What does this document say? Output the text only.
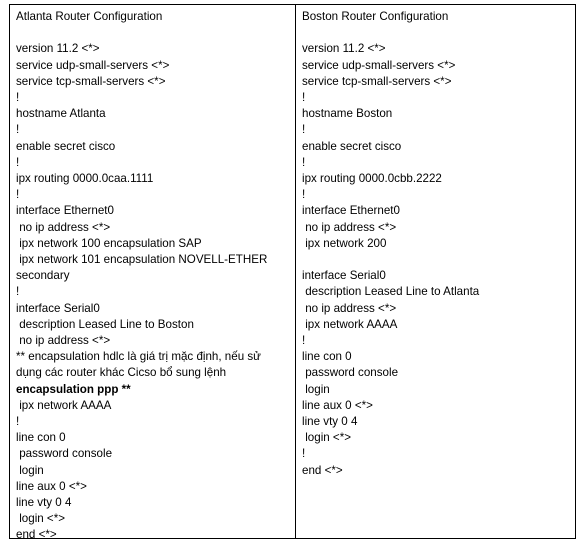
Atlanta Router Configuration
version 11.2 <*>
service udp-small-servers <*>
service tcp-small-servers <*>
!
hostname Atlanta
!
enable secret cisco
!
ipx routing 0000.0caa.1111
!
interface Ethernet0
no ip address <*>
ipx network 100 encapsulation SAP
ipx network 101 encapsulation NOVELL-ETHER secondary
!
interface Serial0
description Leased Line to Boston
no ip address <*>
** encapsulation hdlc là giá trị mặc định, nếu sử dụng các router khác Cicso bổ sung lệnh
encapsulation ppp **
ipx network AAAA
!
line con 0
password console
login
line aux 0 <*>
line vty 0 4
login <*>
end <*>
Boston Router Configuration
version 11.2 <*>
service udp-small-servers <*>
service tcp-small-servers <*>
!
hostname Boston
!
enable secret cisco
!
ipx routing 0000.0cbb.2222
!
interface Ethernet0
no ip address <*>
ipx network 200
interface Serial0
description Leased Line to Atlanta
no ip address <*>
ipx network AAAA
!
line con 0
password console
login
line aux 0 <*>
line vty 0 4
login <*>
!
end <*>
